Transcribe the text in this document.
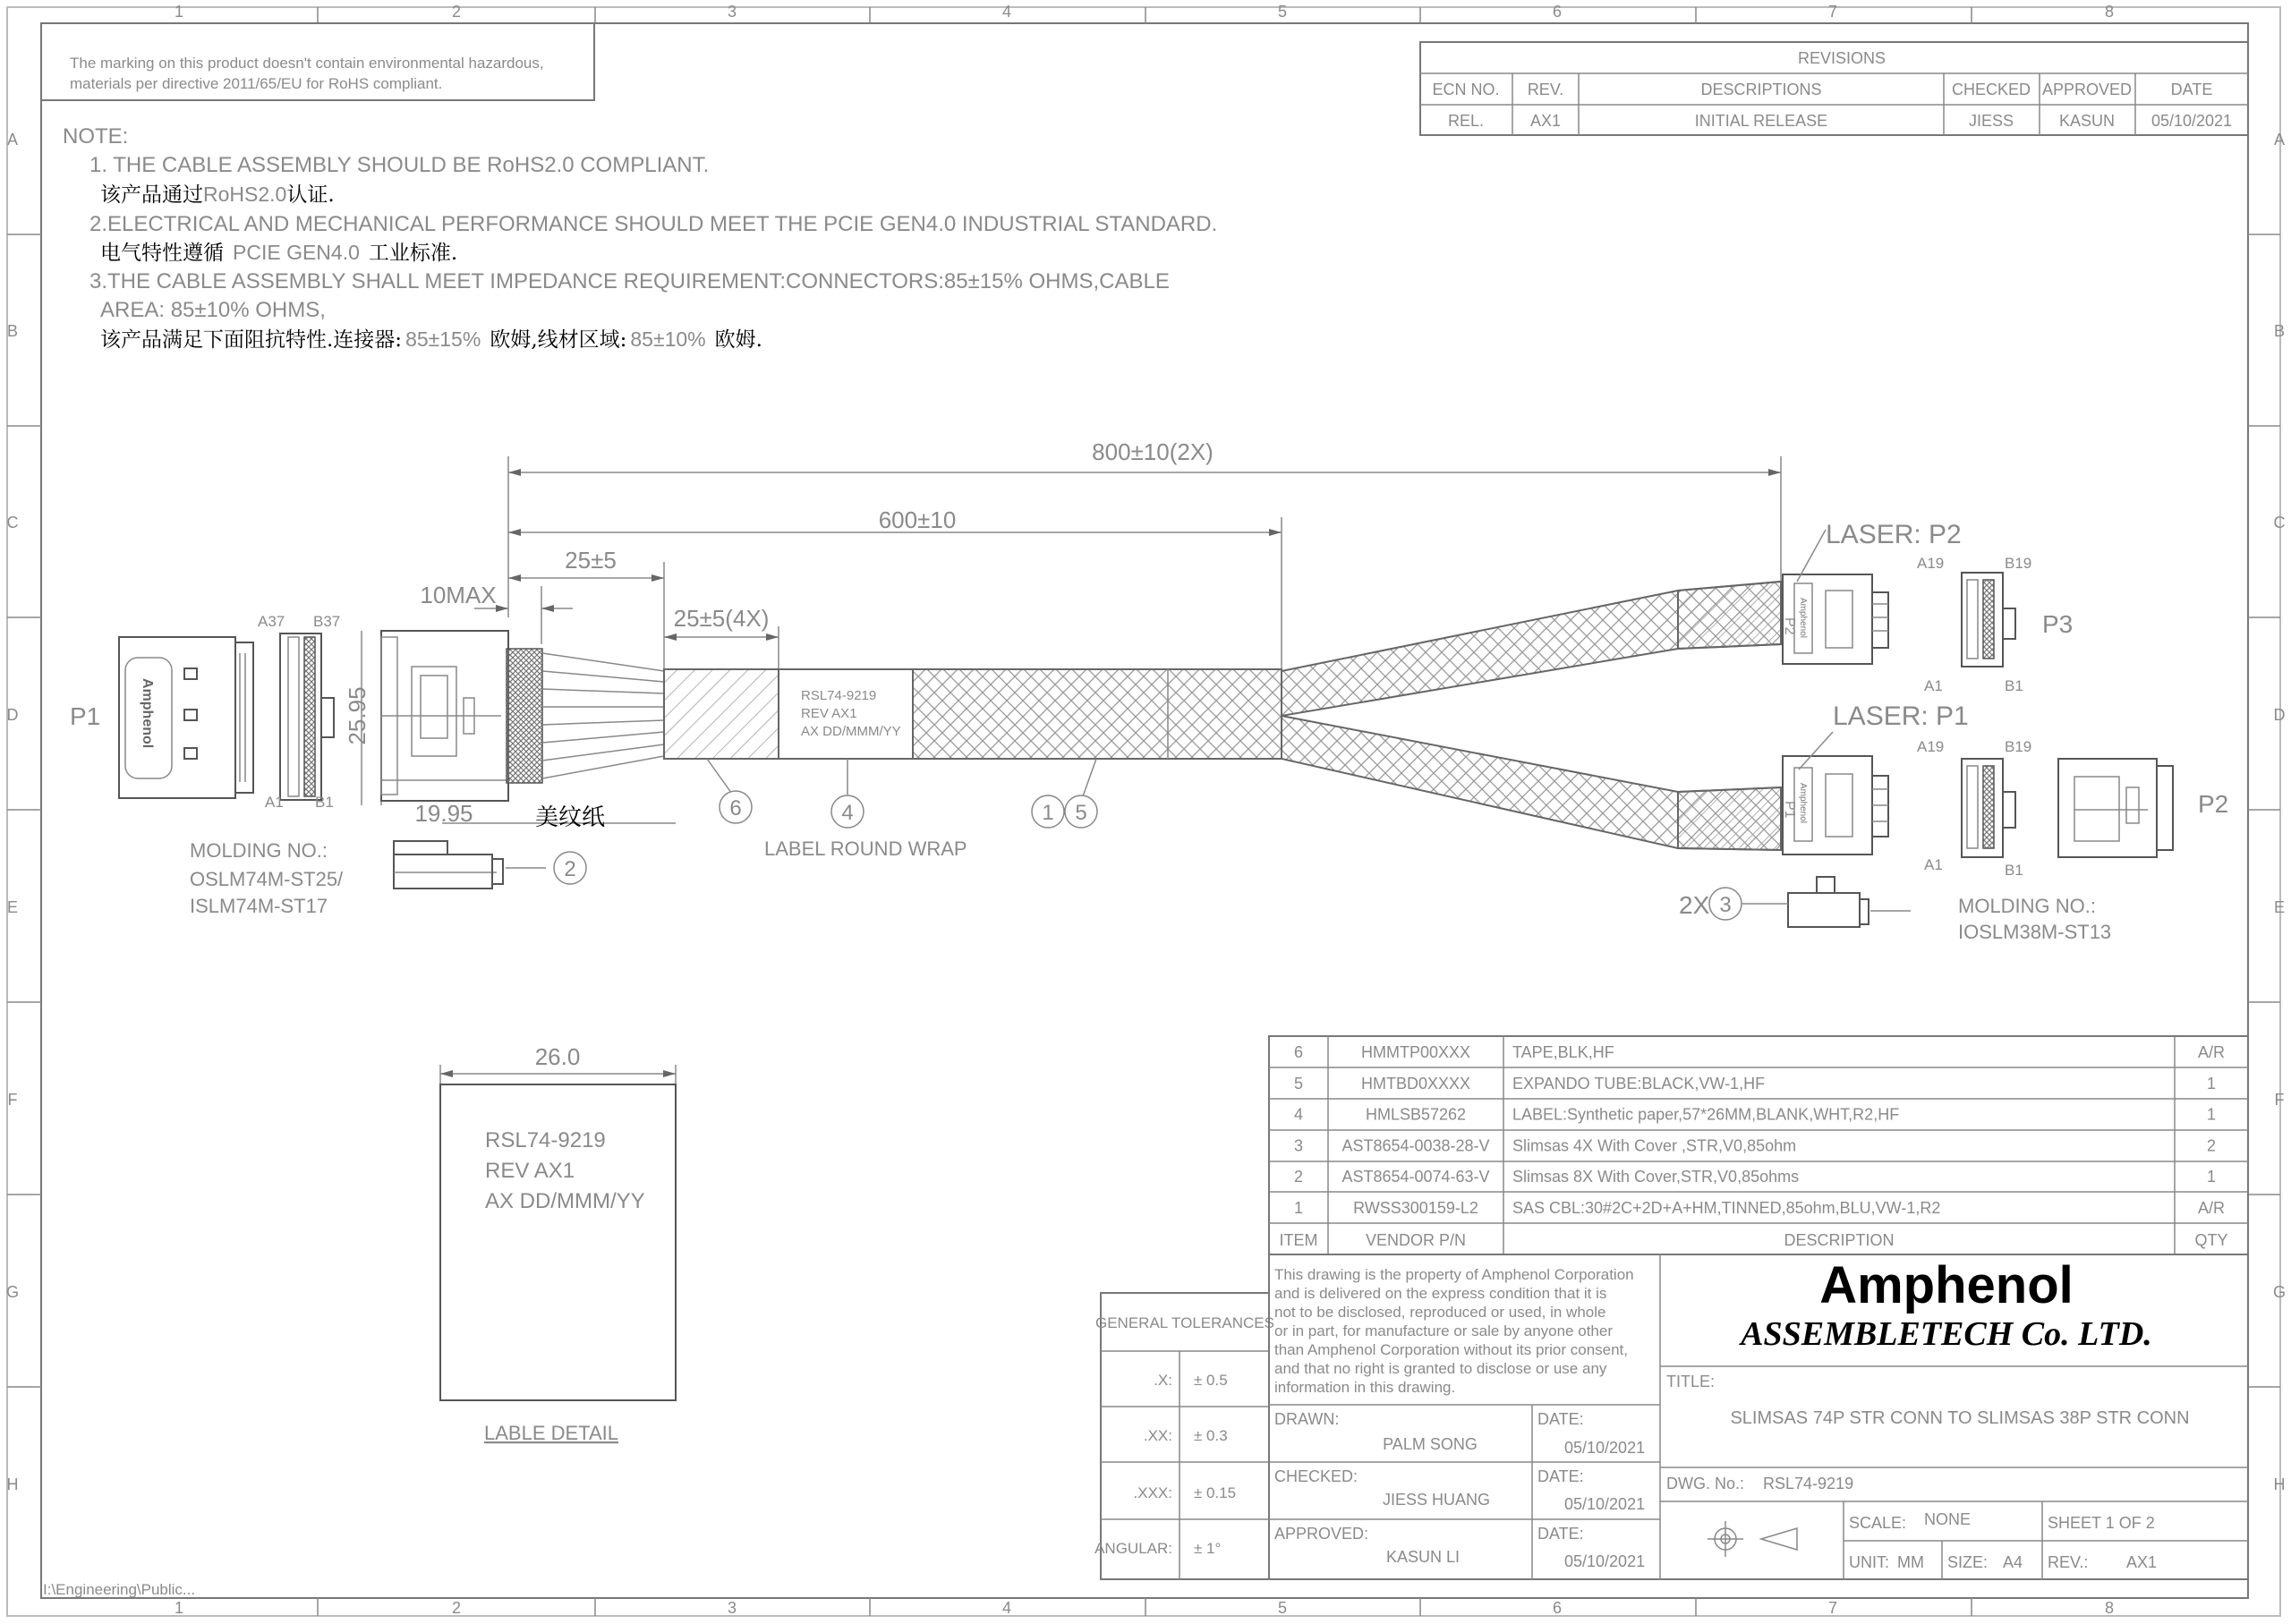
1	2	3	4	5	6	7	8
1	2	3	4	5	6	7	8
A
B
C
D
E
F
G
H
A
B
C
D
E
F
G
H
The marking on this product doesn't contain environmental hazardous,
materials per directive 2011/65/EU for RoHS compliant.
REVISIONS
ECN NO. REV.	DESCRIPTIONS	CHECKED APPROVED DATE
REL.	AX1	INITIAL RELEASE	JIESS	KASUN 05/10/2021
NOTE:
1. THE CABLE ASSEMBLY SHOULD BE RoHS2.0 COMPLIANT.
该产品通过RoHS2.0认证.
2.ELECTRICAL AND MECHANICAL PERFORMANCE SHOULD MEET THE PCIE GEN4.0 INDUSTRIAL STANDARD.
电气特性遵循 PCIE GEN4.0 工业标准.
3.THE CABLE ASSEMBLY SHALL MEET IMPEDANCE REQUIREMENT:CONNECTORS:85±15% OHMS,CABLE
AREA: 85±10% OHMS,
该产品满足下面阻抗特性.连接器: 85±15% 欧姆,线材区域: 85±10% 欧姆.
800±10(2X)
600±10
25±5
25±5(4X)
10MAX
25.95
19.95
P1	Amphenol
A37 B37
A1 B1
美纹纸
RSL74-9219
REV AX1
AX DD/MMM/YY
Amphenol
P2
LASER: P2
A19	B19
A1	B1
P3
Amphenol
P1
LASER: P1
A19	B19
A1	B1
P2
6	4	1 5
2
3
2X
LABEL ROUND WRAP
MOLDING NO.:
OSLM74M-ST25/
ISLM74M-ST17	MOLDING NO.:
IOSLM38M-ST13
26.0
RSL74-9219
REV AX1
AX DD/MMM/YY
LABLE DETAIL
6	HMMTP00XXX	TAPE,BLK,HF	A/R
5	HMTBD0XXXX	EXPANDO TUBE:BLACK,VW-1,HF	1
4	HMLSB57262	LABEL:Synthetic paper,57*26MM,BLANK,WHT,R2,HF	1
3 AST8654-0038-28-V Slimsas 4X With Cover ,STR,V0,85ohm	2
2 AST8654-0074-63-V Slimsas 8X With Cover,STR,V0,85ohms	1
1	RWSS300159-L2 SAS CBL:30#2C+2D+A+HM,TINNED,85ohm,BLU,VW-1,R2	A/R
ITEM	VENDOR P/N	DESCRIPTION	QTY
GENERAL TOLERANCES
.X: ± 0.5
.XX: ± 0.3
.XXX: ± 0.15
ANGULAR: ± 1°
This drawing is the property of Amphenol Corporation
and is delivered on the express condition that it is
not to be disclosed, reproduced or used, in whole
or in part, for manufacture or sale by anyone other
than Amphenol Corporation without its prior consent,
and that no right is granted to disclose or use any
information in this drawing.
Amphenol
ASSEMBLETECH Co. LTD.
TITLE:
SLIMSAS 74P STR CONN TO SLIMSAS 38P STR CONN
DRAWN:
PALM SONG
DATE:
05/10/2021
CHECKED:
JIESS HUANG
DATE:
05/10/2021
APPROVED:
KASUN LI
DATE:
05/10/2021
DWG. No.: RSL74-9219
SCALE: NONE	SHEET 1 OF 2
UNIT: MM SIZE: A4 REV.: AX1
I:\Engineering\Public...
